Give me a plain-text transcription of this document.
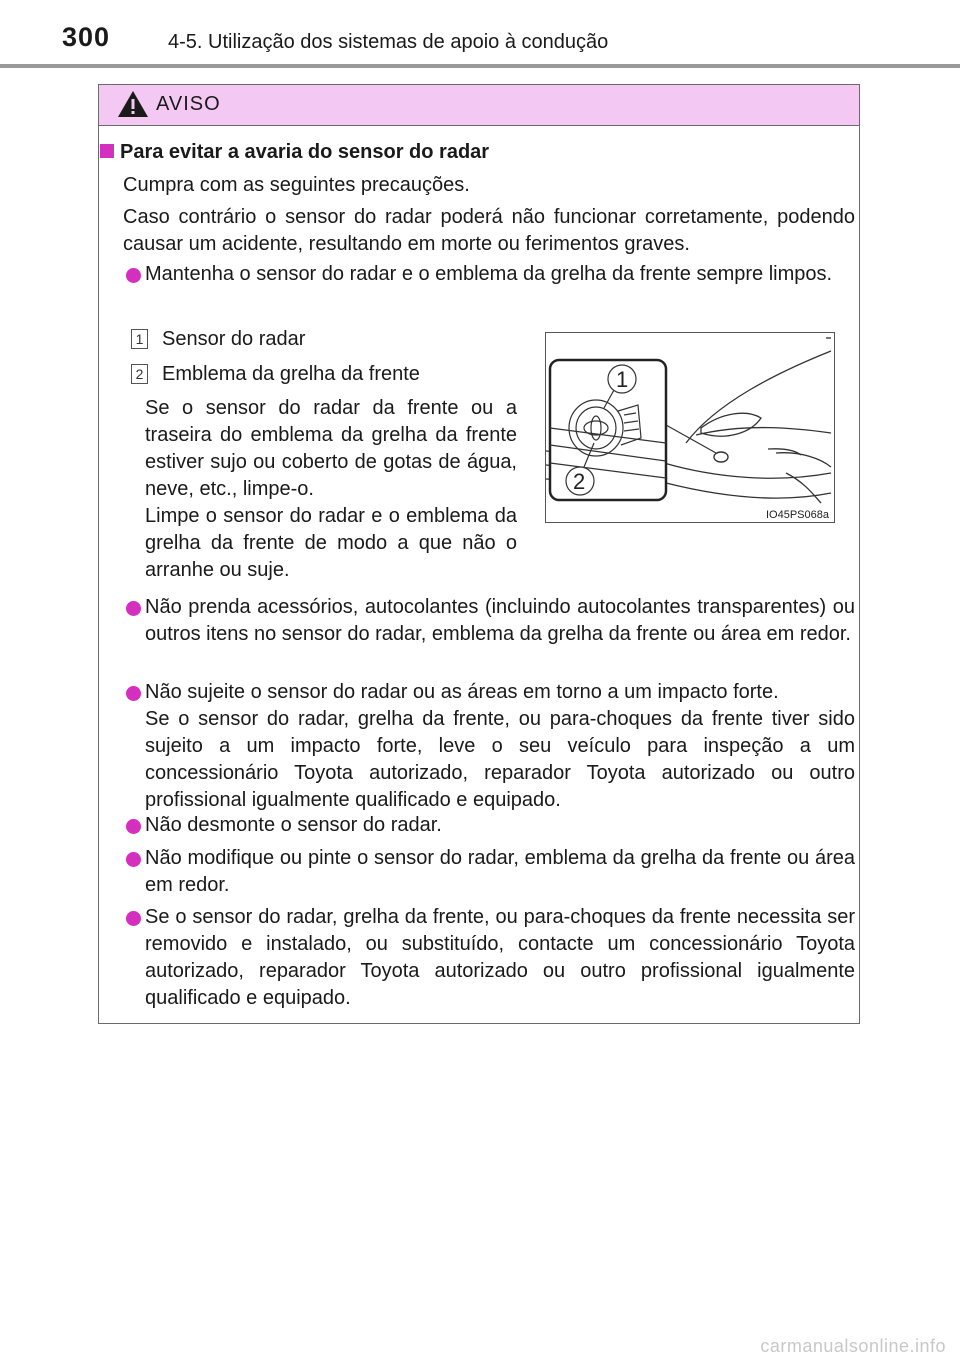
300	4-5. Utilização dos sistemas de apoio à condução
AVISO
Para evitar a avaria do sensor do radar
Cumpra com as seguintes precauções.
Caso contrário o sensor do radar poderá não funcionar corretamente, podendo causar um acidente, resultando em morte ou ferimentos graves.
Mantenha o sensor do radar e o emblema da grelha da frente sempre limpos.
1 Sensor do radar
2 Emblema da grelha da frente
Se o sensor do radar da frente ou a traseira do emblema da grelha da frente estiver sujo ou coberto de gotas de água, neve, etc., limpe-o.
Limpe o sensor do radar e o emblema da grelha da frente de modo a que não o arranhe ou suje.
1
2
IO45PS068a
Não prenda acessórios, autocolantes (incluindo autocolantes transparentes) ou outros itens no sensor do radar, emblema da grelha da frente ou área em redor.
Não sujeite o sensor do radar ou as áreas em torno a um impacto forte.
Se o sensor do radar, grelha da frente, ou para-choques da frente tiver sido sujeito a um impacto forte, leve o seu veículo para inspeção a um concessionário Toyota autorizado, reparador Toyota autorizado ou outro profissional igualmente qualificado e equipado.
Não desmonte o sensor do radar.
Não modifique ou pinte o sensor do radar, emblema da grelha da frente ou área em redor.
Se o sensor do radar, grelha da frente, ou para-choques da frente necessita ser removido e instalado, ou substituído, contacte um concessionário Toyota autorizado, reparador Toyota autorizado ou outro profissional igualmente qualificado e equipado.
carmanualsonline.info
